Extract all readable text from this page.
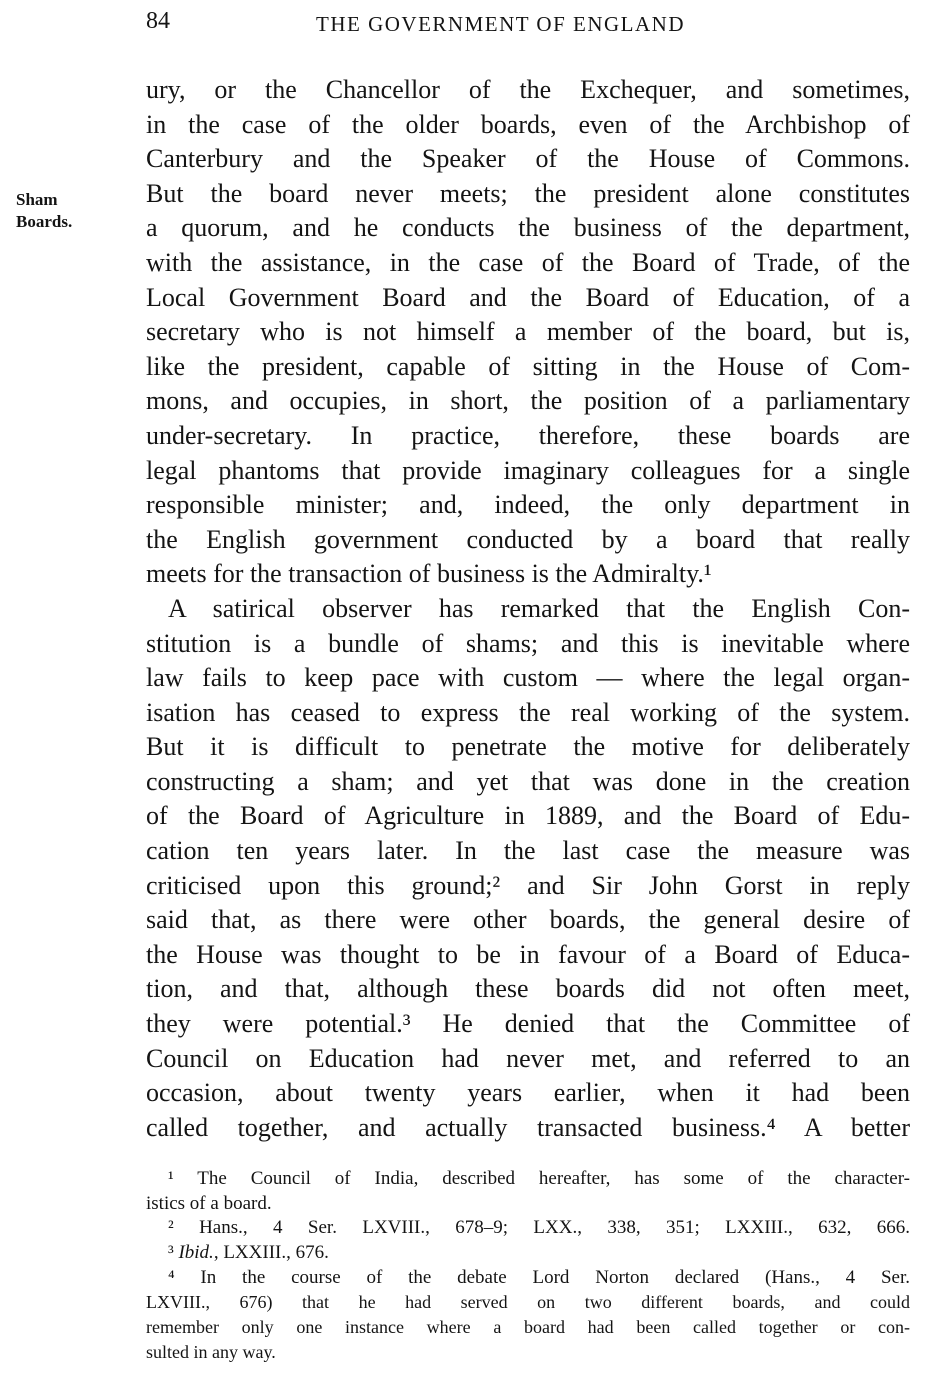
84	THE GOVERNMENT OF ENGLAND
Sham
Boards.
ury, or the Chancellor of the Exchequer, and sometimes,
in the case of the older boards, even of the Archbishop of
Canterbury and the Speaker of the House of Commons.
But the board never meets; the president alone constitutes
a quorum, and he conducts the business of the department,
with the assistance, in the case of the Board of Trade, of the
Local Government Board and the Board of Education, of a
secretary who is not himself a member of the board, but is,
like the president, capable of sitting in the House of Com-
mons, and occupies, in short, the position of a parliamentary
under-secretary. In practice, therefore, these boards are
legal phantoms that provide imaginary colleagues for a single
responsible minister; and, indeed, the only department in
the English government conducted by a board that really
meets for the transaction of business is the Admiralty.¹
A satirical observer has remarked that the English Con-
stitution is a bundle of shams; and this is inevitable where
law fails to keep pace with custom — where the legal organ-
isation has ceased to express the real working of the system.
But it is difficult to penetrate the motive for deliberately
constructing a sham; and yet that was done in the creation
of the Board of Agriculture in 1889, and the Board of Edu-
cation ten years later. In the last case the measure was
criticised upon this ground;² and Sir John Gorst in reply
said that, as there were other boards, the general desire of
the House was thought to be in favour of a Board of Educa-
tion, and that, although these boards did not often meet,
they were potential.³ He denied that the Committee of
Council on Education had never met, and referred to an
occasion, about twenty years earlier, when it had been
called together, and actually transacted business.⁴ A better
¹ The Council of India, described hereafter, has some of the character-
istics of a board.
² Hans., 4 Ser. LXVIII., 678–9; LXX., 338, 351; LXXIII., 632, 666.
³ Ibid., LXXIII., 676.
⁴ In the course of the debate Lord Norton declared (Hans., 4 Ser.
LXVIII., 676) that he had served on two different boards, and could
remember only one instance where a board had been called together or con-
sulted in any way.
